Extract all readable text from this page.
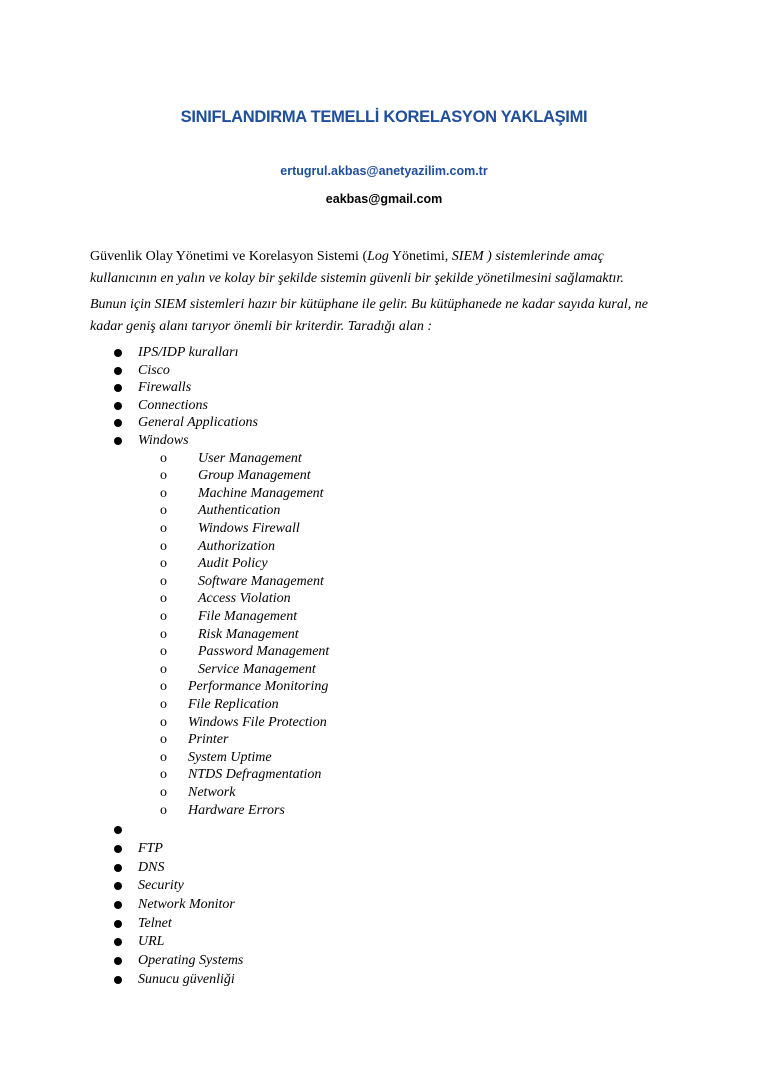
SINIFLANDIRMA TEMELLİ KORELASYON YAKLAŞIMI
ertugrul.akbas@anetyazilim.com.tr
eakbas@gmail.com
Güvenlik Olay Yönetimi ve Korelasyon Sistemi (Log Yönetimi, SIEM ) sistemlerinde amaç
kullanıcının en yalın ve kolay bir şekilde sistemin güvenli bir şekilde yönetilmesini sağlamaktır.
Bunun için SIEM sistemleri hazır bir kütüphane ile gelir. Bu kütüphanede ne kadar sayıda kural, ne
kadar geniş alanı tarıyor önemli bir kriterdir. Taradığı alan :
IPS/IDP kuralları
Cisco
Firewalls
Connections
General Applications
Windows
o User Management
o Group Management
o Machine Management
o Authentication
o Windows Firewall
o Authorization
o Audit Policy
o Software Management
o Access Violation
o File Management
o Risk Management
o Password Management
o Service Management
o Performance Monitoring
o File Replication
o Windows File Protection
o Printer
o System Uptime
o NTDS Defragmentation
o Network
o Hardware Errors
FTP
DNS
Security
Network Monitor
Telnet
URL
Operating Systems
Sunucu güvenliği
